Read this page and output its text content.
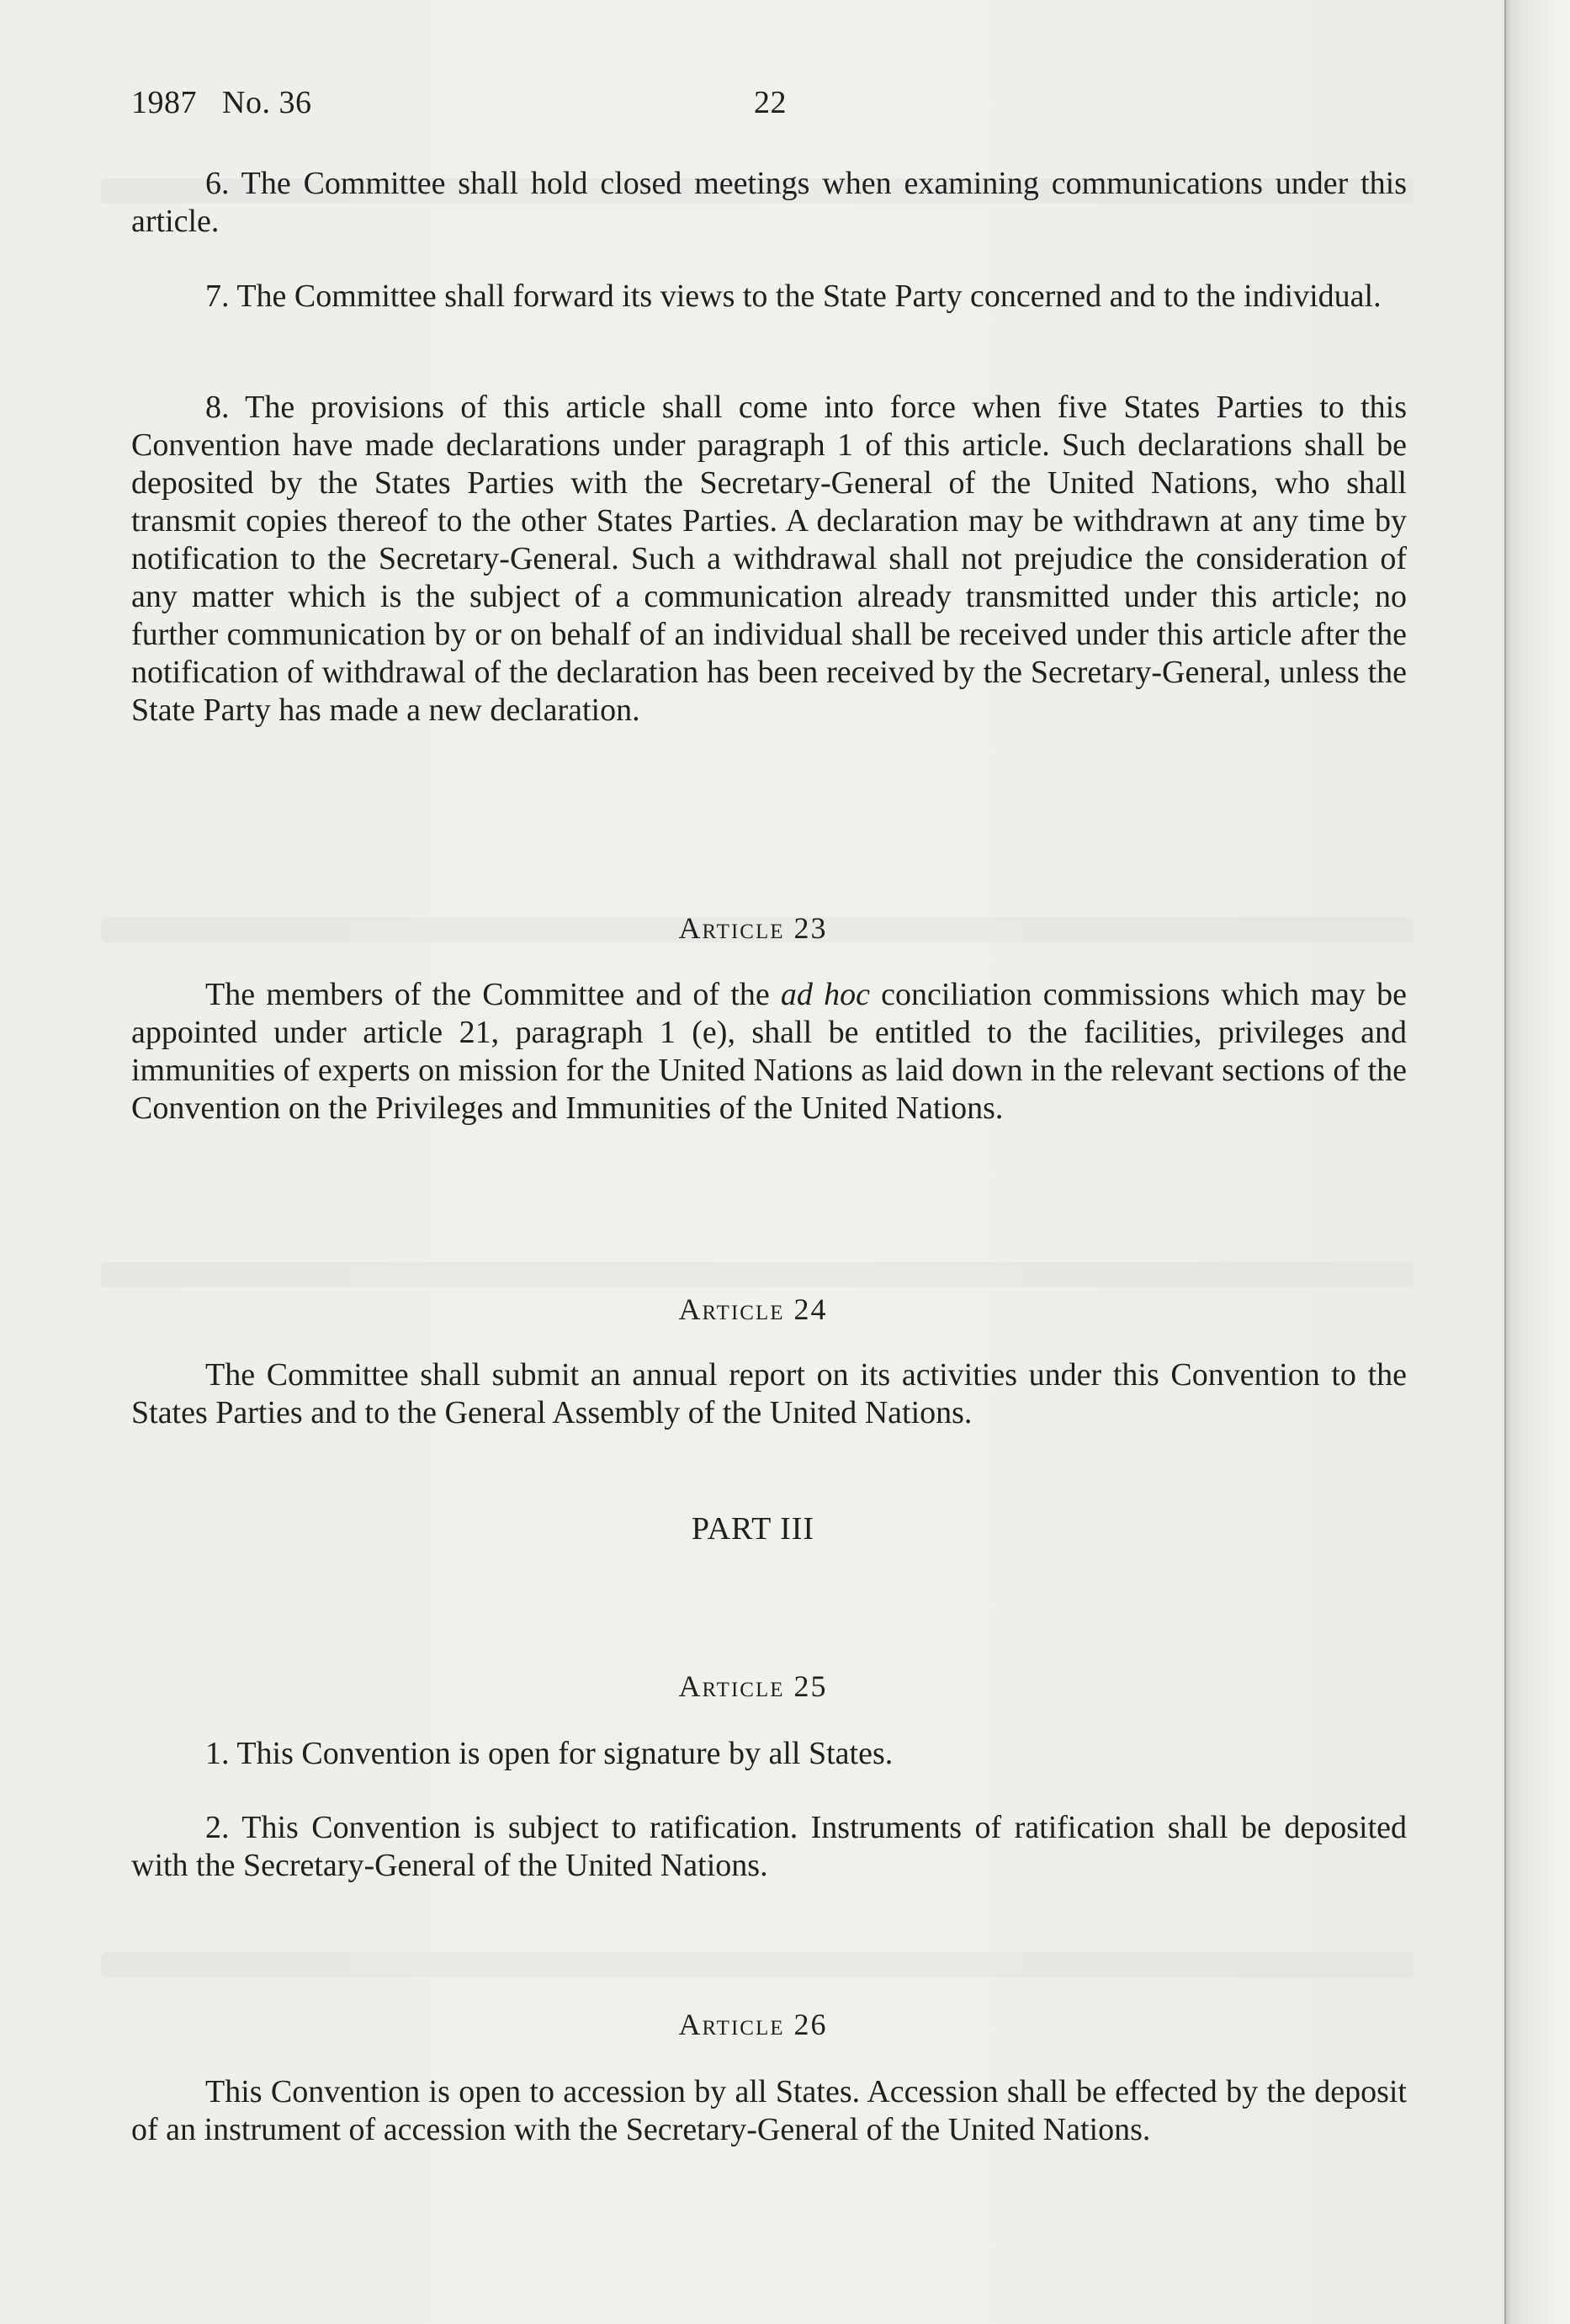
1987   No. 36	22

6. The Committee shall hold closed meetings when examining communications under this article.

7. The Committee shall forward its views to the State Party concerned and to the individual.

8. The provisions of this article shall come into force when five States Parties to this Convention have made declarations under paragraph 1 of this article. Such declarations shall be deposited by the States Parties with the Secretary-General of the United Nations, who shall transmit copies thereof to the other States Parties. A declaration may be withdrawn at any time by notification to the Secretary-General. Such a withdrawal shall not prejudice the consideration of any matter which is the subject of a communication already transmitted under this article; no further communication by or on behalf of an individual shall be received under this article after the notification of withdrawal of the declaration has been received by the Secretary-General, unless the State Party has made a new declaration.

Article 23

The members of the Committee and of the ad hoc conciliation commissions which may be appointed under article 21, paragraph 1 (e), shall be entitled to the facilities, privileges and immunities of experts on mission for the United Nations as laid down in the relevant sections of the Convention on the Privileges and Immunities of the United Nations.

Article 24

The Committee shall submit an annual report on its activities under this Convention to the States Parties and to the General Assembly of the United Nations.

PART III
Article 25

1. This Convention is open for signature by all States.

2. This Convention is subject to ratification. Instruments of ratification shall be deposited with the Secretary-General of the United Nations.

Article 26

This Convention is open to accession by all States. Accession shall be effected by the deposit of an instrument of accession with the Secretary-General of the United Nations.
